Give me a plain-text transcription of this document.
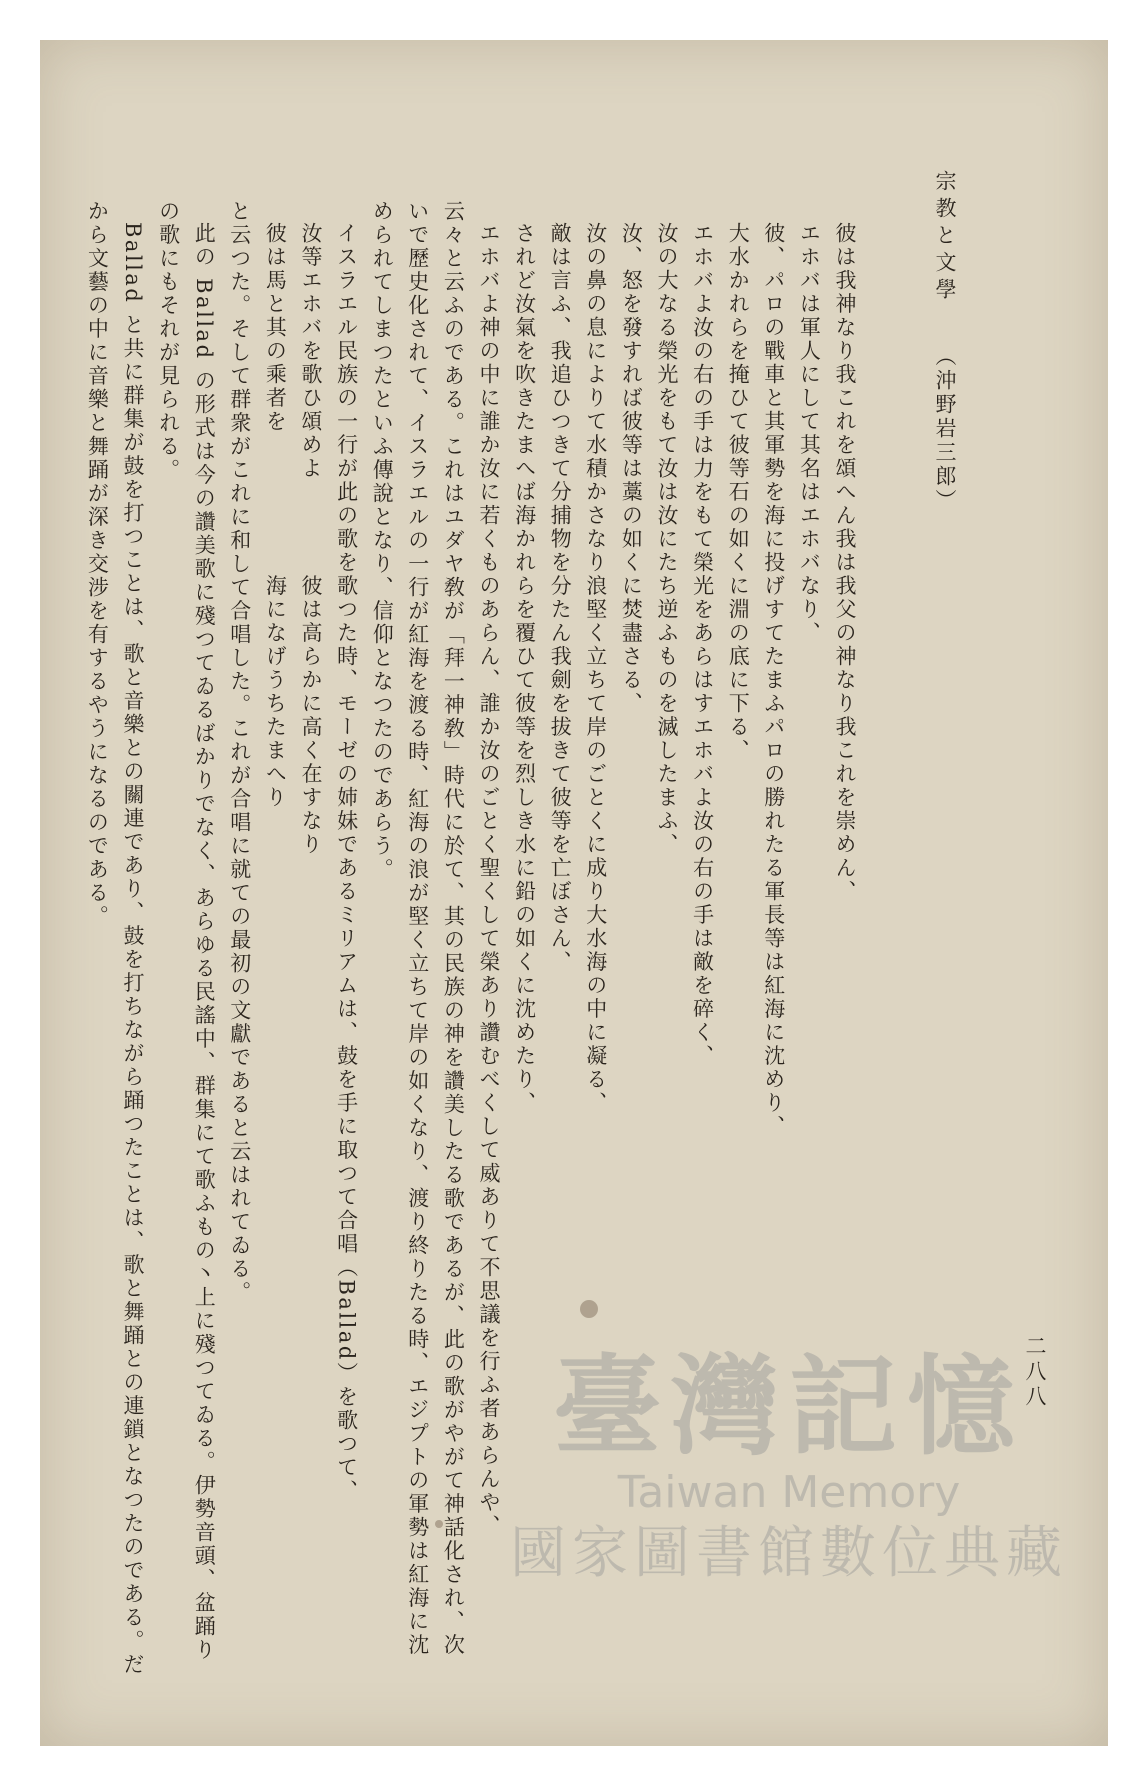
宗教と文學（沖野岩三郎）
二八八
彼は我神なり我これを頌へん我は我父の神なり我これを崇めん、
エホバは軍人にして其名はエホバなり、
彼、パロの戰車と其軍勢を海に投げすてたまふパロの勝れたる軍長等は紅海に沈めり、
大水かれらを掩ひて彼等石の如くに淵の底に下る、
エホバよ汝の右の手は力をもて榮光をあらはすエホバよ汝の右の手は敵を碎く、
汝の大なる榮光をもて汝は汝にたち逆ふものを滅したまふ、
汝、怒を發すれば彼等は藁の如くに焚盡さる、
汝の鼻の息によりて水積かさなり浪堅く立ちて岸のごとくに成り大水海の中に凝る、
敵は言ふ、我追ひつきて分捕物を分たん我劍を拔きて彼等を亡ぼさん、
されど汝氣を吹きたまへば海かれらを覆ひて彼等を烈しき水に鉛の如くに沈めたり、
エホバよ神の中に誰か汝に若くものあらん、誰か汝のごとく聖くして榮あり讚むべくして威ありて不思議を行ふ者あらんや、
云々と云ふのである。これはユダヤ敎が「拜一神敎」時代に於て、其の民族の神を讚美したる歌であるが、此の歌がやがて神話化され、次
いで歷史化されて、イスラエルの一行が紅海を渡る時、紅海の浪が堅く立ちて岸の如くなり、渡り終りたる時、エジプトの軍勢は紅海に沈
められてしまつたといふ傳說となり、信仰となつたのであらう。
イスラエル民族の一行が此の歌を歌つた時、モーゼの姉妹であるミリアムは、鼓を手に取つて合唱（Ballad）を歌つて、
汝等エホバを歌ひ頌めよ　　　　彼は高らかに高く在すなり
彼は馬と其の乘者を　　　　　　海になげうちたまへり
と云つた。そして群衆がこれに和して合唱した。これが合唱に就ての最初の文獻であると云はれてゐる。
此の Ballad の形式は今の讚美歌に殘つてゐるばかりでなく、あらゆる民謠中、群集にて歌ふもの丶上に殘つてゐる。伊勢音頭、盆踊り
の歌にもそれが見られる。
Ballad と共に群集が鼓を打つことは、歌と音樂との關連であり、鼓を打ちながら踊つたことは、歌と舞踊との連鎖となつたのである。だ
から文藝の中に音樂と舞踊が深き交涉を有するやうになるのである。
臺灣記憶
Taiwan Memory
國家圖書館數位典藏
